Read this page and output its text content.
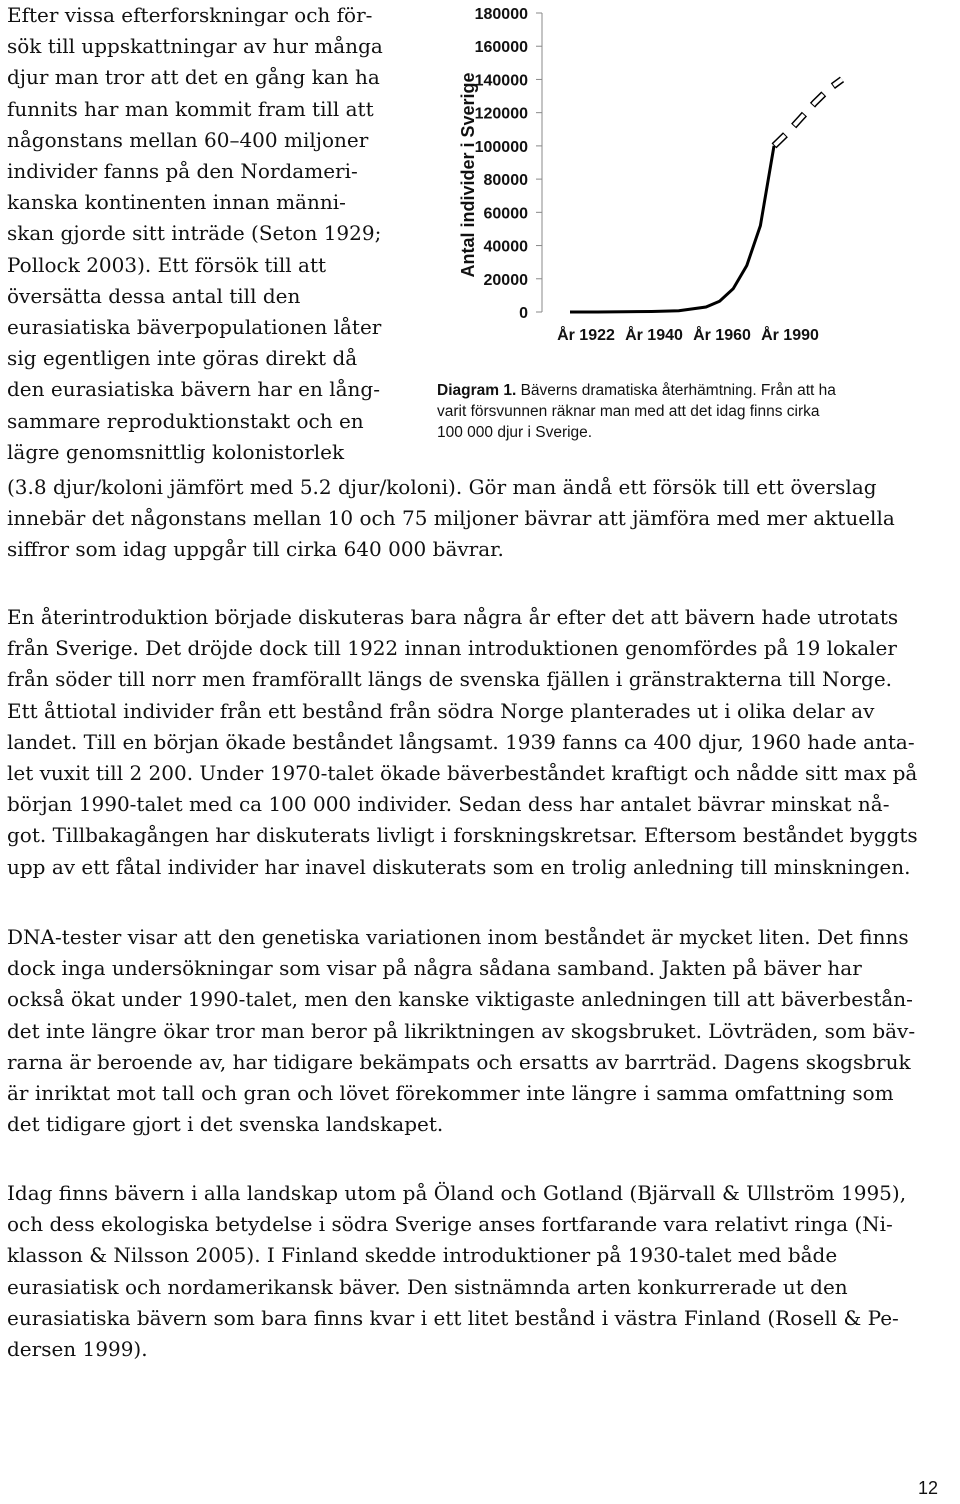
Efter vissa efterforskningar och för-
sök till uppskattningar av hur många
djur man tror att det en gång kan ha
funnits har man kommit fram till att
någonstans mellan 60–400 miljoner
individer fanns på den Nordameri-
kanska kontinenten innan männi-
skan gjorde sitt inträde (Seton 1929;
Pollock 2003). Ett försök till att
översätta dessa antal till den
eurasiatiska bäverpopulationen låter
sig egentligen inte göras direkt då
den eurasiatiska bävern har en lång-
sammare reproduktionstakt och en
lägre genomsnittlig kolonistorlek
180000
160000
140000
120000
100000
80000
60000
40000
20000
0
År 1922 År 1940 År 1960 År 1990
Antal individer i Sverige
Diagram 1. Bäverns dramatiska återhämtning. Från att ha
varit försvunnen räknar man med att det idag finns cirka
100 000 djur i Sverige.
(3.8 djur/koloni jämfört med 5.2 djur/koloni). Gör man ändå ett försök till ett överslag
innebär det någonstans mellan 10 och 75 miljoner bävrar att jämföra med mer aktuella
siffror som idag uppgår till cirka 640 000 bävrar.
En återintroduktion började diskuteras bara några år efter det att bävern hade utrotats
från Sverige. Det dröjde dock till 1922 innan introduktionen genomfördes på 19 lokaler
från söder till norr men framförallt längs de svenska fjällen i gränstrakterna till Norge.
Ett åttiotal individer från ett bestånd från södra Norge planterades ut i olika delar av
landet. Till en början ökade beståndet långsamt. 1939 fanns ca 400 djur, 1960 hade anta-
let vuxit till 2 200. Under 1970-talet ökade bäverbeståndet kraftigt och nådde sitt max på
början 1990-talet med ca 100 000 individer. Sedan dess har antalet bävrar minskat nå-
got. Tillbakagången har diskuterats livligt i forskningskretsar. Eftersom beståndet byggts
upp av ett fåtal individer har inavel diskuterats som en trolig anledning till minskningen.
DNA-tester visar att den genetiska variationen inom beståndet är mycket liten. Det finns
dock inga undersökningar som visar på några sådana samband. Jakten på bäver har
också ökat under 1990-talet, men den kanske viktigaste anledningen till att bäverbestån-
det inte längre ökar tror man beror på likriktningen av skogsbruket. Lövträden, som bäv-
rarna är beroende av, har tidigare bekämpats och ersatts av barrträd. Dagens skogsbruk
är inriktat mot tall och gran och lövet förekommer inte längre i samma omfattning som
det tidigare gjort i det svenska landskapet.
Idag finns bävern i alla landskap utom på Öland och Gotland (Bjärvall & Ullström 1995),
och dess ekologiska betydelse i södra Sverige anses fortfarande vara relativt ringa (Ni-
klasson & Nilsson 2005). I Finland skedde introduktioner på 1930-talet med både
eurasiatisk och nordamerikansk bäver. Den sistnämnda arten konkurrerade ut den
eurasiatiska bävern som bara finns kvar i ett litet bestånd i västra Finland (Rosell & Pe-
dersen 1999).
12
